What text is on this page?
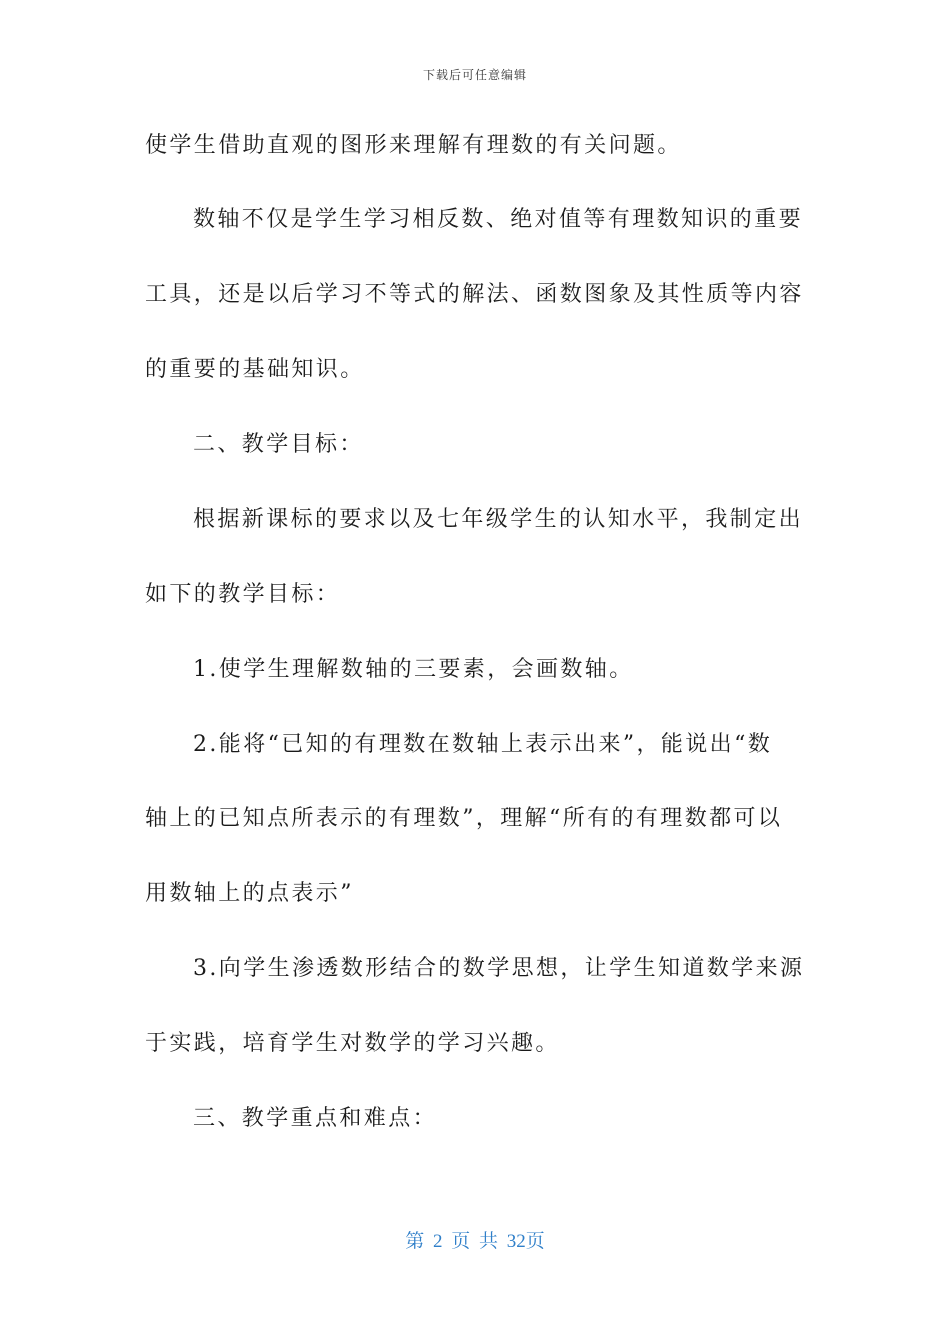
下载后可任意编辑
使学生借助直观的图形来理解有理数的有关问题。
数轴不仅是学生学习相反数、绝对值等有理数知识的重要
工具，还是以后学习不等式的解法、函数图象及其性质等内容
的重要的基础知识。
二、教学目标：
根据新课标的要求以及七年级学生的认知水平，我制定出
如下的教学目标：
1.使学生理解数轴的三要素，会画数轴。
2.能将“已知的有理数在数轴上表示出来”，能说出“数
轴上的已知点所表示的有理数”，理解“所有的有理数都可以
用数轴上的点表示”
3.向学生渗透数形结合的数学思想，让学生知道数学来源
于实践，培育学生对数学的学习兴趣。
三、教学重点和难点：
第 2 页 共 32页
